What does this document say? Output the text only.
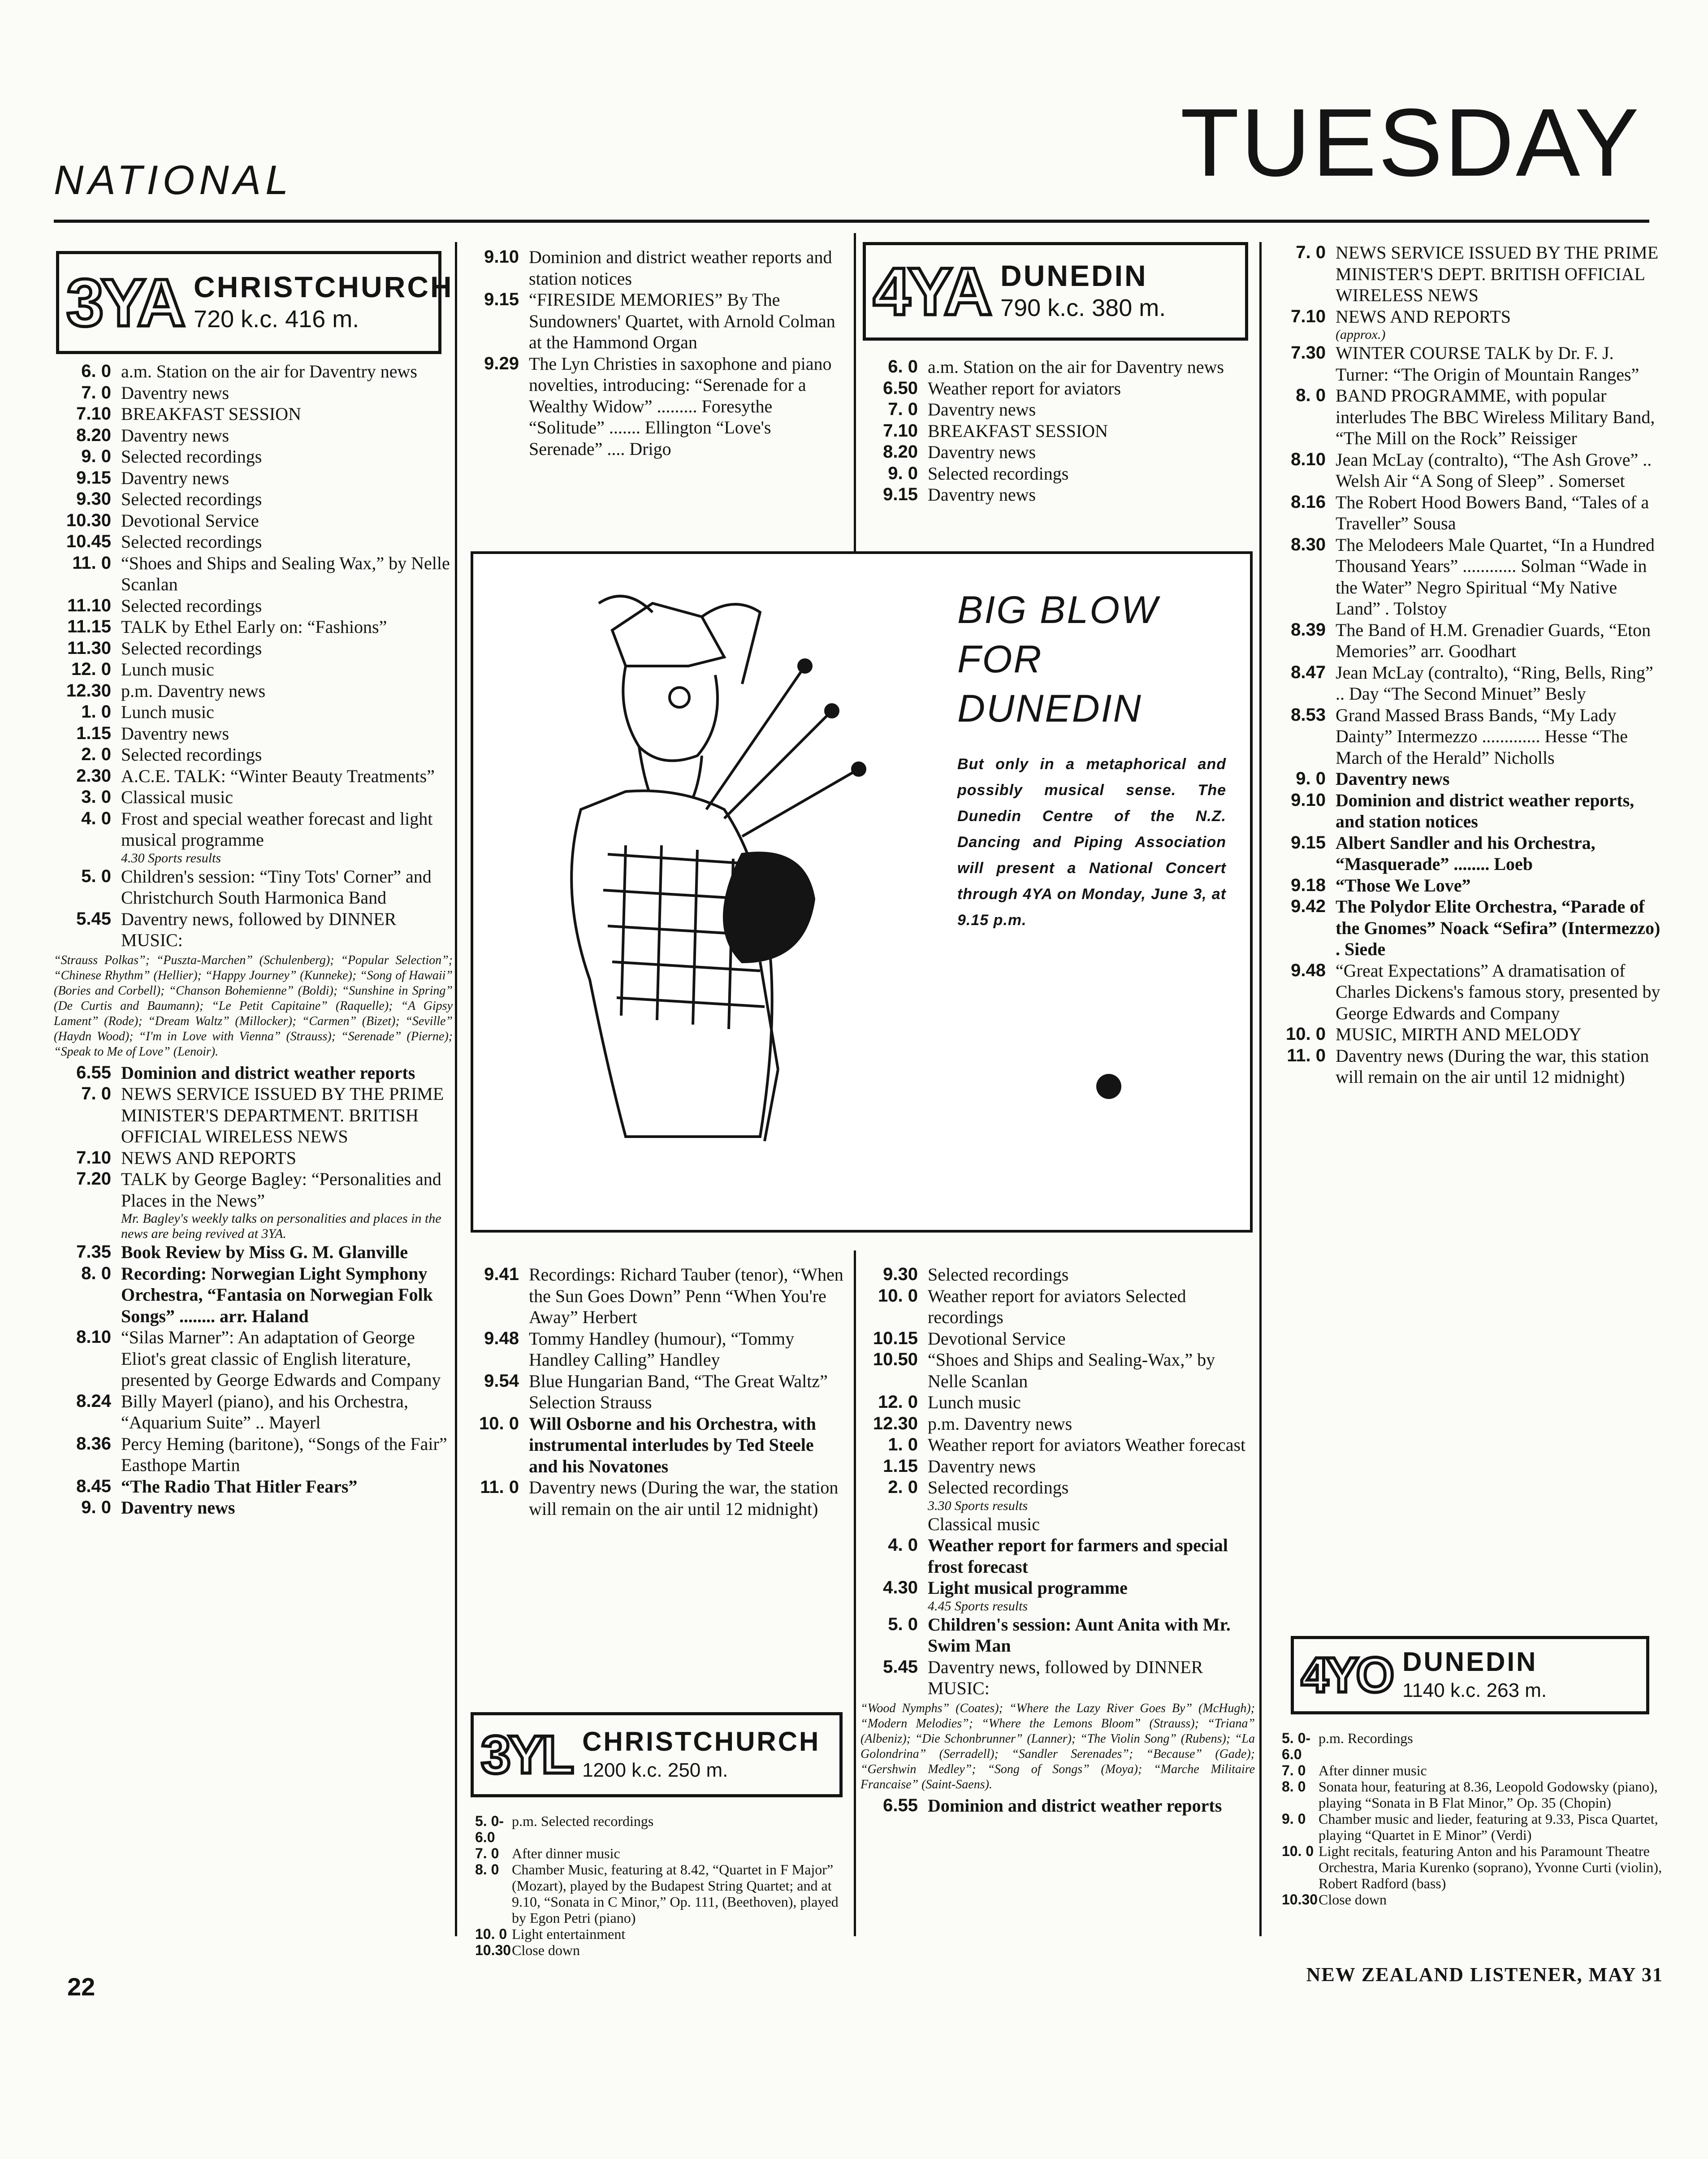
NATIONAL	TUESDAY
3YA CHRISTCHURCH
720 k.c. 416 m.
6. 0 a.m. Station on the air for Daventry news
7. 0 Daventry news
7.10 BREAKFAST SESSION
8.20 Daventry news
9. 0 Selected recordings
9.15 Daventry news
9.30 Selected recordings
10.30 Devotional Service
10.45 Selected recordings
11. 0 “Shoes and Ships and Sealing Wax,” by Nelle Scanlan
11.10 Selected recordings
11.15 TALK by Ethel Early on: “Fashions”
11.30 Selected recordings
12. 0 Lunch music
12.30 p.m. Daventry news
1. 0 Lunch music
1.15 Daventry news
2. 0 Selected recordings
2.30 A.C.E. TALK: “Winter Beauty Treatments”
3. 0 Classical music
4. 0 Frost and special weather forecast and light musical programme
4.30 Sports results
5. 0 Children's session: “Tiny Tots' Corner” and Christchurch South Harmonica Band
5.45 Daventry news, followed by DINNER MUSIC:
“Strauss Polkas”; “Puszta-Marchen” (Schulenberg); “Popular Selection”; “Chinese Rhythm” (Hellier); “Happy Journey” (Kunneke); “Song of Hawaii” (Bories and Corbell); “Chanson Bohemienne” (Boldi); “Sunshine in Spring” (De Curtis and Baumann); “Le Petit Capitaine” (Raquelle); “A Gipsy Lament” (Rode); “Dream Waltz” (Millocker); “Carmen” (Bizet); “Seville” (Haydn Wood); “I'm in Love with Vienna” (Strauss); “Serenade” (Pierne); “Speak to Me of Love” (Lenoir).
6.55 Dominion and district weather reports
7. 0 NEWS SERVICE ISSUED BY THE PRIME MINISTER'S DEPARTMENT. BRITISH OFFICIAL WIRELESS NEWS
7.10 NEWS AND REPORTS
7.20 TALK by George Bagley: “Personalities and Places in the News”
Mr. Bagley's weekly talks on personalities and places in the news are being revived at 3YA.
7.35 Book Review by Miss G. M. Glanville
8. 0 Recording: Norwegian Light Symphony Orchestra, “Fantasia on Norwegian Folk Songs” ........ arr. Haland
8.10 “Silas Marner”: An adaptation of George Eliot's great classic of English literature, presented by George Edwards and Company
8.24 Billy Mayerl (piano), and his Orchestra, “Aquarium Suite” .. Mayerl
8.36 Percy Heming (baritone), “Songs of the Fair” Easthope Martin
8.45 “The Radio That Hitler Fears”
9. 0 Daventry news
9.10 Dominion and district weather reports and station notices
9.15 “FIRESIDE MEMORIES” By The Sundowners' Quartet, with Arnold Colman at the Hammond Organ
9.29 The Lyn Christies in saxophone and piano novelties, introducing: “Serenade for a Wealthy Widow” ......... Foresythe “Solitude” ....... Ellington “Love's Serenade” .... Drigo
4YA DUNEDIN
790 k.c. 380 m.
6. 0 a.m. Station on the air for Daventry news
6.50 Weather report for aviators
7. 0 Daventry news
7.10 BREAKFAST SESSION
8.20 Daventry news
9. 0 Selected recordings
9.15 Daventry news
BIG BLOW
FOR
DUNEDIN
But only in a metaphorical and possibly musical sense. The Dunedin Centre of the N.Z. Dancing and Piping Association will present a National Concert through 4YA on Monday, June 3, at 9.15 p.m.
9.41 Recordings: Richard Tauber (tenor), “When the Sun Goes Down” Penn “When You're Away” Herbert
9.48 Tommy Handley (humour), “Tommy Handley Calling” Handley
9.54 Blue Hungarian Band, “The Great Waltz” Selection Strauss
10. 0 Will Osborne and his Orchestra, with instrumental interludes by Ted Steele and his Novatones
11. 0 Daventry news (During the war, the station will remain on the air until 12 midnight)
3YL CHRISTCHURCH
1200 k.c. 250 m.
5. 0-6.0
p.m. Selected recordings
7. 0 After dinner music
8. 0 Chamber Music, featuring at 8.42, “Quartet in F Major” (Mozart), played by the Budapest String Quartet; and at 9.10, “Sonata in C Minor,” Op. 111, (Beethoven), played by Egon Petri (piano)
10. 0 Light entertainment
10.30 Close down
9.30 Selected recordings
10. 0 Weather report for aviators Selected recordings
10.15 Devotional Service
10.50 “Shoes and Ships and Sealing-Wax,” by Nelle Scanlan
12. 0 Lunch music
12.30 p.m. Daventry news
1. 0 Weather report for aviators Weather forecast
1.15 Daventry news
2. 0 Selected recordings
3.30 Sports results
Classical music
4. 0 Weather report for farmers and special frost forecast
4.30 Light musical programme
4.45 Sports results
5. 0 Children's session: Aunt Anita with Mr. Swim Man
5.45 Daventry news, followed by DINNER MUSIC:
“Wood Nymphs” (Coates); “Where the Lazy River Goes By” (McHugh); “Modern Melodies”; “Where the Lemons Bloom” (Strauss); “Triana” (Albeniz); “Die Schonbrunner” (Lanner); “The Violin Song” (Rubens); “La Golondrina” (Serradell); “Sandler Serenades”; “Because” (Gade); “Gershwin Medley”; “Song of Songs” (Moya); “Marche Militaire Francaise” (Saint-Saens).
6.55 Dominion and district weather reports
7. 0 NEWS SERVICE ISSUED BY THE PRIME MINISTER'S DEPT. BRITISH OFFICIAL WIRELESS NEWS
7.10 NEWS AND REPORTS
(approx.)
7.30 WINTER COURSE TALK by Dr. F. J. Turner: “The Origin of Mountain Ranges”
8. 0 BAND PROGRAMME, with popular interludes The BBC Wireless Military Band, “The Mill on the Rock” Reissiger
8.10 Jean McLay (contralto), “The Ash Grove” .. Welsh Air “A Song of Sleep” . Somerset
8.16 The Robert Hood Bowers Band, “Tales of a Traveller” Sousa
8.30 The Melodeers Male Quartet, “In a Hundred Thousand Years” ............ Solman “Wade in the Water” Negro Spiritual “My Native Land” . Tolstoy
8.39 The Band of H.M. Grenadier Guards, “Eton Memories” arr. Goodhart
8.47 Jean McLay (contralto), “Ring, Bells, Ring” .. Day “The Second Minuet” Besly
8.53 Grand Massed Brass Bands, “My Lady Dainty” Intermezzo ............. Hesse “The March of the Herald” Nicholls
9. 0 Daventry news
9.10 Dominion and district weather reports, and station notices
9.15 Albert Sandler and his Orchestra, “Masquerade” ........ Loeb
9.18 “Those We Love”
9.42 The Polydor Elite Orchestra, “Parade of the Gnomes” Noack “Sefira” (Intermezzo) . Siede
9.48 “Great Expectations” A dramatisation of Charles Dickens's famous story, presented by George Edwards and Company
10. 0 MUSIC, MIRTH AND MELODY
11. 0 Daventry news (During the war, this station will remain on the air until 12 midnight)
4YO DUNEDIN
1140 k.c. 263 m.
5. 0-6.0
p.m. Recordings
7. 0 After dinner music
8. 0 Sonata hour, featuring at 8.36, Leopold Godowsky (piano), playing “Sonata in B Flat Minor,” Op. 35 (Chopin)
9. 0 Chamber music and lieder, featuring at 9.33, Pisca Quartet, playing “Quartet in E Minor” (Verdi)
10. 0 Light recitals, featuring Anton and his Paramount Theatre Orchestra, Maria Kurenko (soprano), Yvonne Curti (violin), Robert Radford (bass)
10.30 Close down
22	NEW ZEALAND LISTENER, MAY 31
